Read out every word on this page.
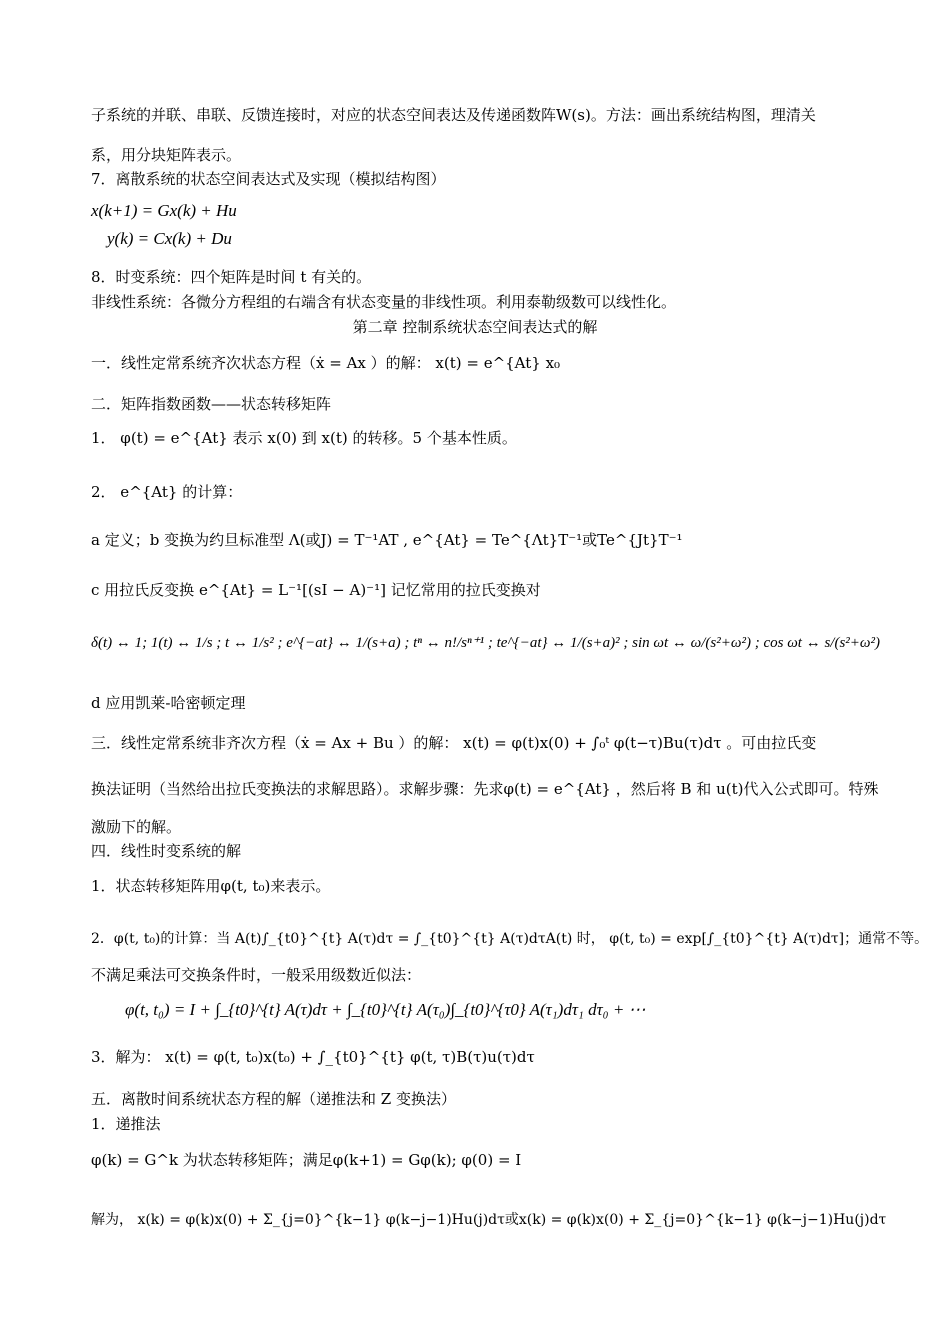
子系统的并联、串联、反馈连接时，对应的状态空间表达及传递函数阵W(s)。方法：画出系统结构图，理清关
系，用分块矩阵表示。
7．离散系统的状态空间表达式及实现（模拟结构图）
x(k+1) = Gx(k) + Hu
y(k) = Cx(k) + Du
8．时变系统：四个矩阵是时间 t 有关的。
非线性系统：各微分方程组的右端含有状态变量的非线性项。利用泰勒级数可以线性化。
第二章 控制系统状态空间表达式的解
一．线性定常系统齐次状态方程（ẋ = Ax ）的解： x(t) = e^{At} x₀
二．矩阵指数函数——状态转移矩阵
1． φ(t) = e^{At} 表示 x(0) 到 x(t) 的转移。5 个基本性质。
2． e^{At} 的计算：
a 定义；b 变换为约旦标准型 Λ(或J) = T⁻¹AT , e^{At} = Te^{Λt}T⁻¹或Te^{Jt}T⁻¹
c 用拉氏反变换 e^{At} = L⁻¹[(sI − A)⁻¹] 记忆常用的拉氏变换对
δ(t) ↔ 1; 1(t) ↔ 1/s ; t ↔ 1/s² ; e^{−at} ↔ 1/(s+a) ; tⁿ ↔ n!/sⁿ⁺¹ ; te^{−at} ↔ 1/(s+a)² ; sin ωt ↔ ω/(s²+ω²) ; cos ωt ↔ s/(s²+ω²)
d 应用凯莱-哈密顿定理
三．线性定常系统非齐次方程（ẋ = Ax + Bu ）的解： x(t) = φ(t)x(0) + ∫₀ᵗ φ(t−τ)Bu(τ)dτ 。可由拉氏变
换法证明（当然给出拉氏变换法的求解思路）。求解步骤：先求φ(t) = e^{At} ，然后将 B 和 u(t)代入公式即可。特殊
激励下的解。
四．线性时变系统的解
1．状态转移矩阵用φ(t, t₀)来表示。
2．φ(t, t₀)的计算：当 A(t)∫_{t0}^{t} A(τ)dτ = ∫_{t0}^{t} A(τ)dτA(t) 时， φ(t, t₀) = exp[∫_{t0}^{t} A(τ)dτ]；通常不等。
不满足乘法可交换条件时，一般采用级数近似法：
φ(t, t₀) = I + ∫_{t0}^{t} A(τ)dτ + ∫_{t0}^{t} A(τ₀)∫_{t0}^{τ0} A(τ₁)dτ₁ dτ₀ + ⋯
3．解为： x(t) = φ(t, t₀)x(t₀) + ∫_{t0}^{t} φ(t, τ)B(τ)u(τ)dτ
五．离散时间系统状态方程的解（递推法和 Z 变换法）
1．递推法
φ(k) = G^k 为状态转移矩阵；满足φ(k+1) = Gφ(k); φ(0) = I
解为， x(k) = φ(k)x(0) + Σ_{j=0}^{k−1} φ(k−j−1)Hu(j)dτ或x(k) = φ(k)x(0) + Σ_{j=0}^{k−1} φ(k−j−1)Hu(j)dτ
